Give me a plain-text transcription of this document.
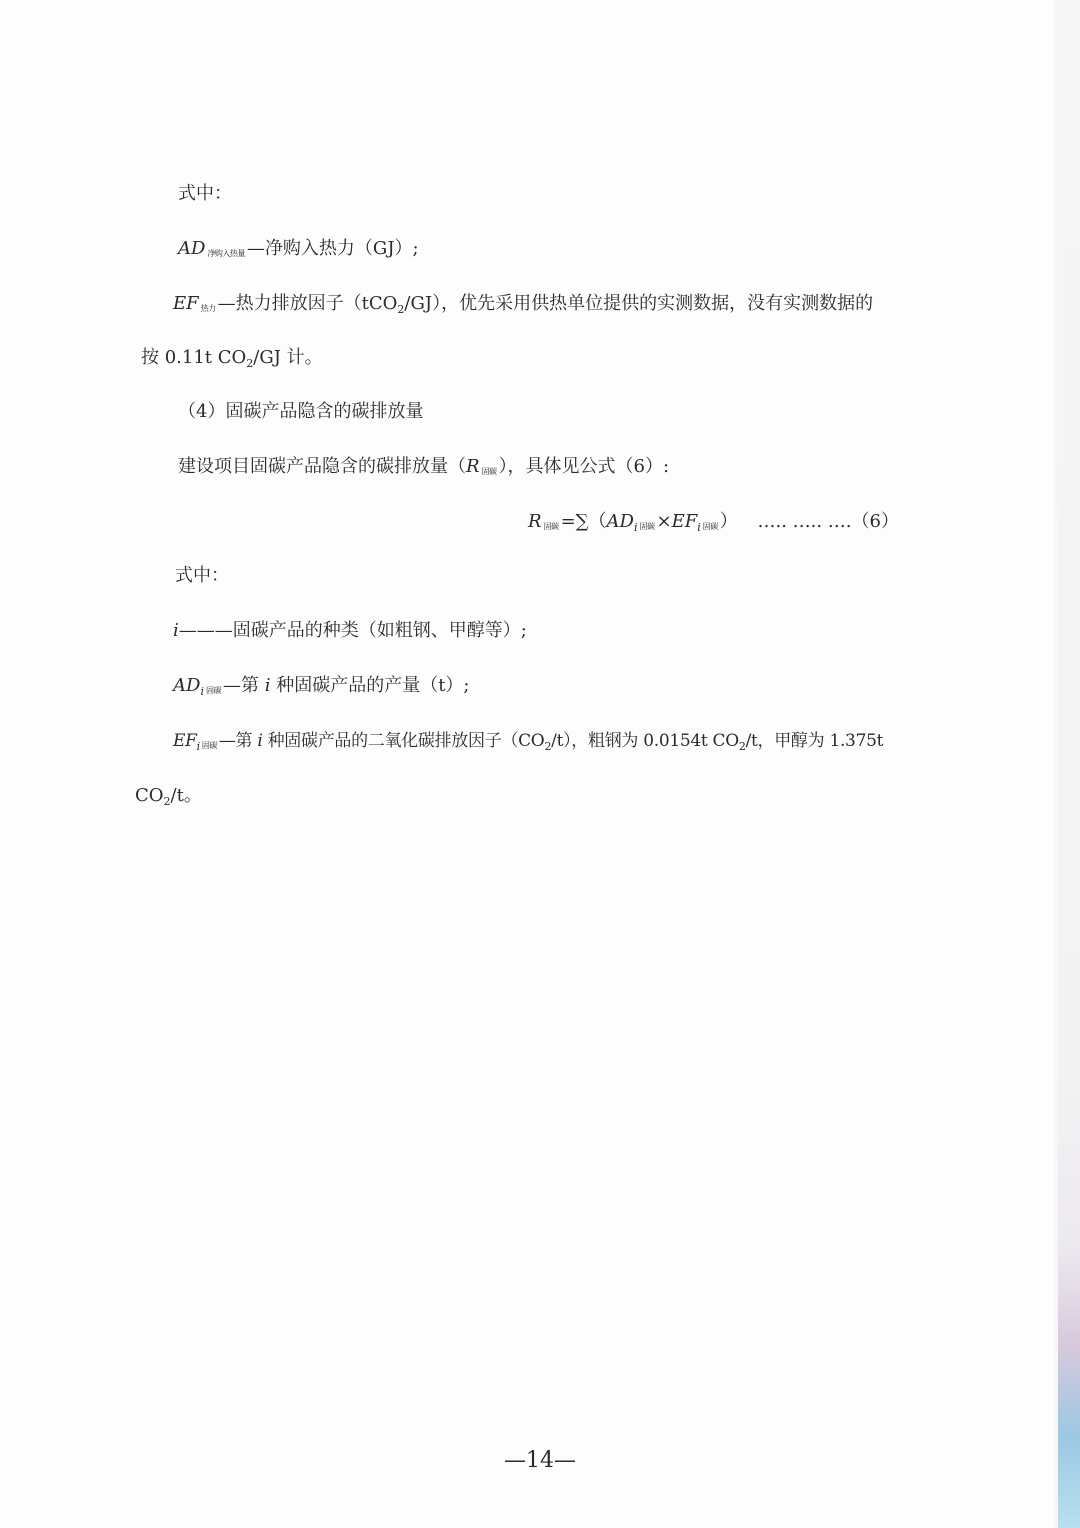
式中：
AD 净购入热量 —净购入热力（GJ）;
EF 热力 —热力排放因子（tCO$_2$/GJ），优先采用供热单位提供的实测数据，没有实测数据的
按 0.11t $CO_2/GJ$ 计。
（4）固碳产品隐含的碳排放量
建设项目固碳产品隐含的碳排放量（R 固碳 ），具体见公式（6）:
R固碳 $=\sum(AD_i$ 固碳 $\times EF_i$ 固碳 ） ….. ….. ….（6）
式中：
i———固碳产品的种类（如粗钢、甲醇等）;
$AD_i$ 固碳 —第 i 种固碳产品的产量（t）;
$EF_i$ 固碳 —第 i 种固碳产品的二氧化碳排放因子$(CO_2/t)$，粗钢为 0.0154t $CO_2/t$，甲醇为 1.375t
$CO_2/t$。
—14—
